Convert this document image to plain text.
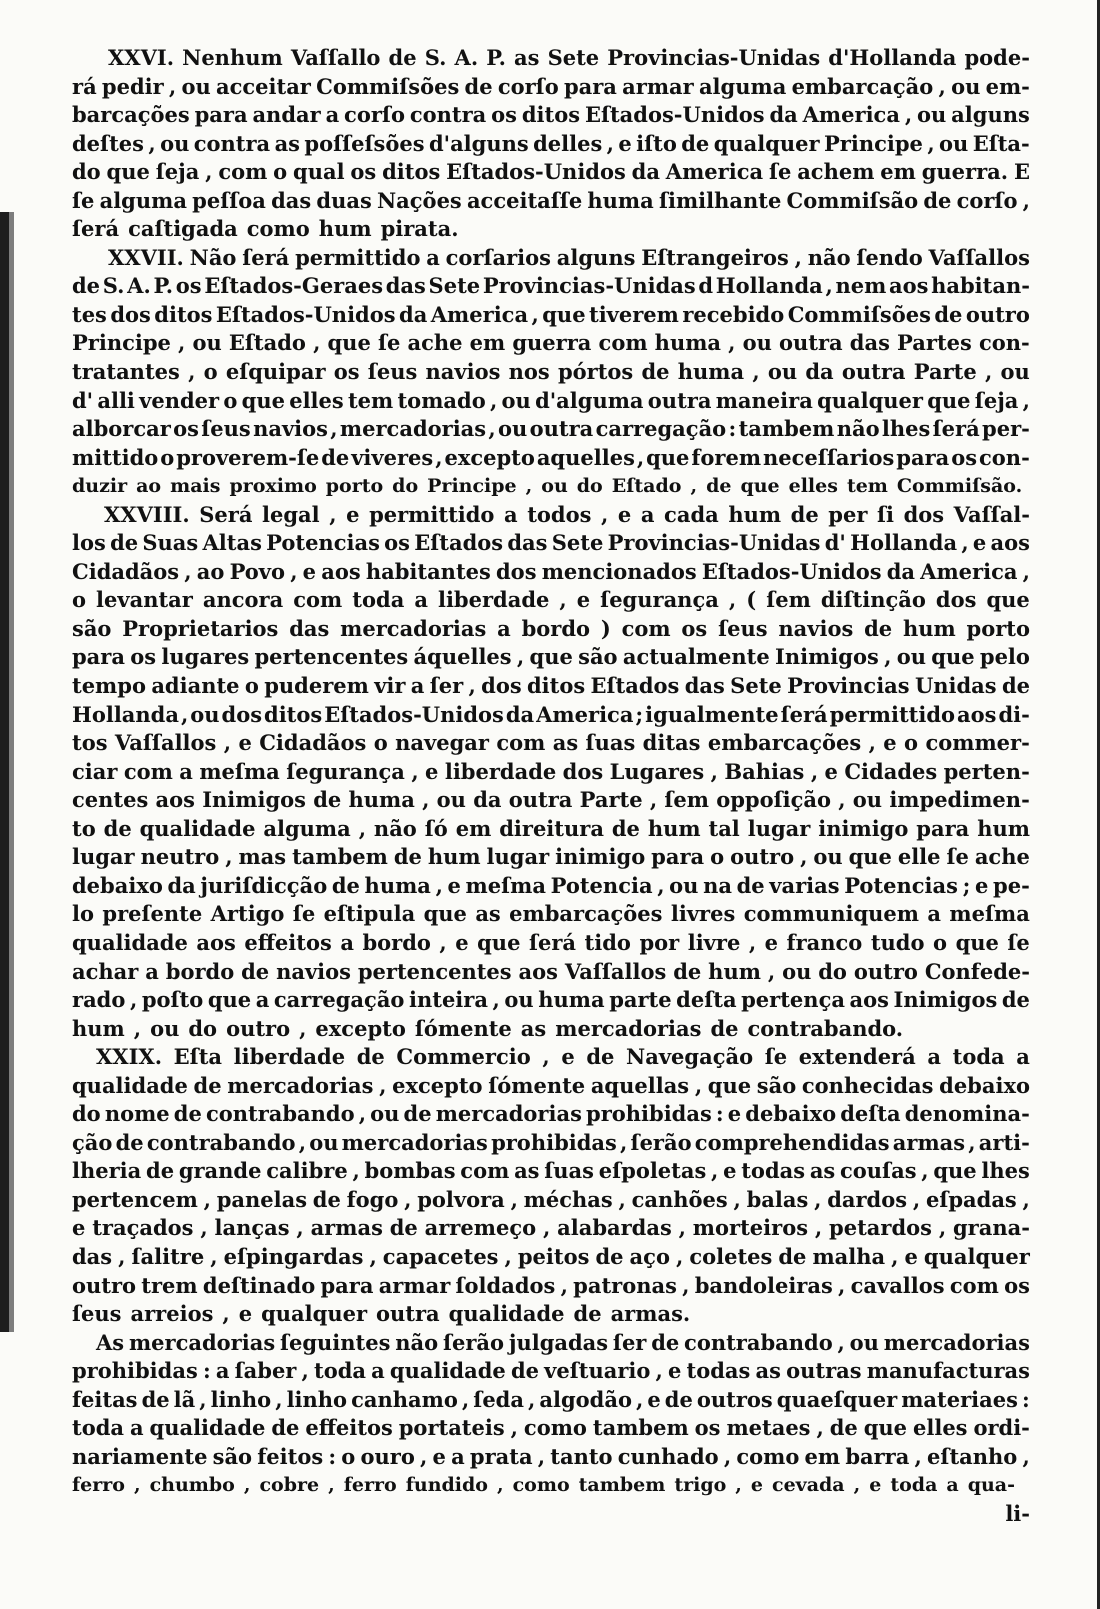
XXVI. Nenhum Vaſſallo de S. A. P. as Sete Provincias-Unidas d'Hollanda pode-
rá pedir , ou acceitar Commiſsões de corſo para armar alguma embarcação , ou em-
barcações para andar a corſo contra os ditos Eſtados-Unidos da America , ou alguns
deſtes , ou contra as poſſeſsões d'alguns delles , e iſto de qualquer Principe , ou Eſta-
do que ſeja , com o qual os ditos Eſtados-Unidos da America ſe achem em guerra. E
ſe alguma peſſoa das duas Nações acceitaſſe huma ſimilhante Commiſsão de corſo ,
ſerá caſtigada como hum pirata.
XXVII. Não ſerá permittido a corſarios alguns Eſtrangeiros , não ſendo Vaſſallos
de S. A. P. os Eſtados-Geraes das Sete Provincias-Unidas d Hollanda , nem aos habitan-
tes dos ditos Eſtados-Unidos da America , que tiverem recebido Commiſsões de outro
Principe , ou Eſtado , que ſe ache em guerra com huma , ou outra das Partes con-
tratantes , o eſquipar os ſeus navios nos pórtos de huma , ou da outra Parte , ou
d' alli vender o que elles tem tomado , ou d'alguma outra maneira qualquer que ſeja ,
alborcar os ſeus navios , mercadorias , ou outra carregação : tambem não lhes ſerá per-
mittido o proverem-ſe de viveres , excepto aquelles , que forem neceſſarios para os con-
duzir ao mais proximo porto do Principe , ou do Eſtado , de que elles tem Commiſsão.
XXVIII. Será legal , e permittido a todos , e a cada hum de per ſi dos Vaſſal-
los de Suas Altas Potencias os Eſtados das Sete Provincias-Unidas d' Hollanda , e aos
Cidadãos , ao Povo , e aos habitantes dos mencionados Eſtados-Unidos da America ,
o levantar ancora com toda a liberdade , e ſegurança , ( ſem diſtinção dos que
são Proprietarios das mercadorias a bordo ) com os ſeus navios de hum porto
para os lugares pertencentes áquelles , que são actualmente Inimigos , ou que pelo
tempo adiante o puderem vir a ſer , dos ditos Eſtados das Sete Provincias Unidas de
Hollanda , ou dos ditos Eſtados-Unidos da America ; igualmente ſerá permittido aos di-
tos Vaſſallos , e Cidadãos o navegar com as ſuas ditas embarcações , e o commer-
ciar com a meſma ſegurança , e liberdade dos Lugares , Bahias , e Cidades perten-
centes aos Inimigos de huma , ou da outra Parte , ſem oppoſição , ou impedimen-
to de qualidade alguma , não ſó em direitura de hum tal lugar inimigo para hum
lugar neutro , mas tambem de hum lugar inimigo para o outro , ou que elle ſe ache
debaixo da juriſdicção de huma , e meſma Potencia , ou na de varias Potencias ; e pe-
lo preſente Artigo ſe eſtipula que as embarcações livres communiquem a meſma
qualidade aos effeitos a bordo , e que ſerá tido por livre , e franco tudo o que ſe
achar a bordo de navios pertencentes aos Vaſſallos de hum , ou do outro Confede-
rado , poſto que a carregação inteira , ou huma parte deſta pertença aos Inimigos de
hum , ou do outro , excepto ſómente as mercadorias de contrabando.
XXIX. Eſta liberdade de Commercio , e de Navegação ſe extenderá a toda a
qualidade de mercadorias , excepto ſómente aquellas , que são conhecidas debaixo
do nome de contrabando , ou de mercadorias prohibidas : e debaixo deſta denomina-
ção de contrabando , ou mercadorias prohibidas , ſerão comprehendidas armas , arti-
lheria de grande calibre , bombas com as ſuas eſpoletas , e todas as couſas , que lhes
pertencem , panelas de fogo , polvora , méchas , canhões , balas , dardos , eſpadas ,
e traçados , lanças , armas de arremeço , alabardas , morteiros , petardos , grana-
das , ſalitre , eſpingardas , capacetes , peitos de aço , coletes de malha , e qualquer
outro trem deſtinado para armar ſoldados , patronas , bandoleiras , cavallos com os
ſeus arreios , e qualquer outra qualidade de armas.
As mercadorias ſeguintes não ſerão julgadas ſer de contrabando , ou mercadorias
prohibidas : a ſaber , toda a qualidade de veſtuario , e todas as outras manufacturas
feitas de lã , linho , linho canhamo , ſeda , algodão , e de outros quaeſquer materiaes :
toda a qualidade de effeitos portateis , como tambem os metaes , de que elles ordi-
nariamente são feitos : o ouro , e a prata , tanto cunhado , como em barra , eſtanho ,
ferro , chumbo , cobre , ferro fundido , como tambem trigo , e cevada , e toda a qua-
li-
